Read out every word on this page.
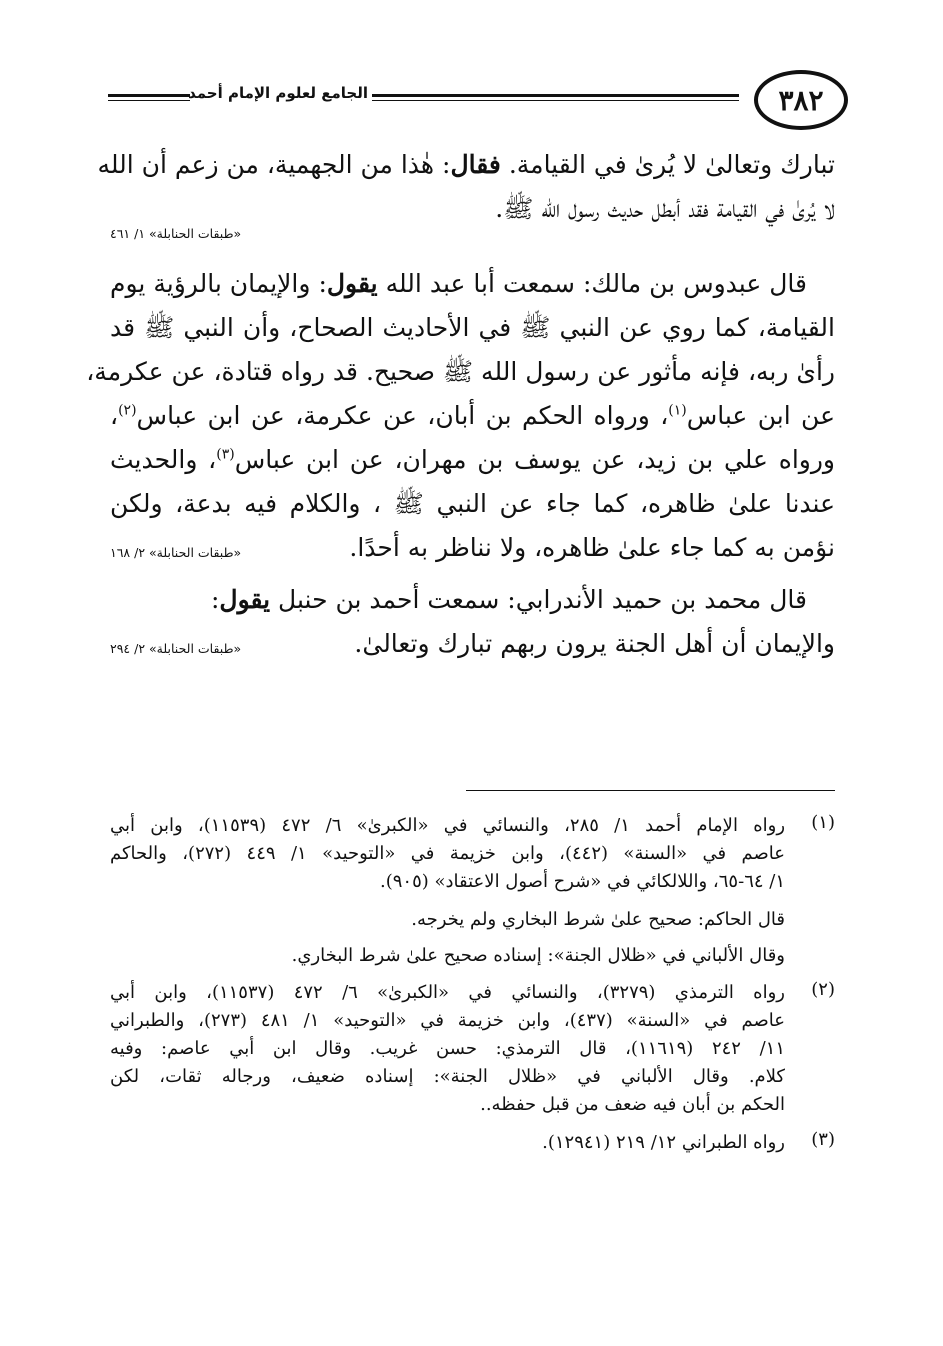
الجامع لعلوم الإمام أحمد	٣٨٢
تبارك وتعالىٰ لا يُرىٰ في القيامة. فقال: هٰذا من الجهمية، من زعم أن الله
لا يُرىٰ في القيامة فقد أبطل حديث رسول الله ﷺ.
«طبقات الحنابلة» ١/ ٤٦١
قال عبدوس بن مالك: سمعت أبا عبد الله يقول: والإيمان بالرؤية يوم
القيامة، كما روي عن النبي ﷺ في الأحاديث الصحاح، وأن النبي ﷺ قد
رأىٰ ربه، فإنه مأثور عن رسول الله ﷺ صحيح. قد رواه قتادة، عن عكرمة،
عن ابن عباس$^{(١)}$، ورواه الحكم بن أبان، عن عكرمة، عن ابن عباس$^{(٢)}$،
ورواه علي بن زيد، عن يوسف بن مهران، عن ابن عباس$^{(٣)}$، والحديث
عندنا علىٰ ظاهره، كما جاء عن النبي ﷺ ، والكلام فيه بدعة، ولكن
نؤمن به كما جاء علىٰ ظاهره، ولا نناظر به أحدًا.
«طبقات الحنابلة» ٢/ ١٦٨
قال محمد بن حميد الأندرابي: سمعت أحمد بن حنبل يقول:
والإيمان أن أهل الجنة يرون ربهم تبارك وتعالىٰ.
«طبقات الحنابلة» ٢/ ٢٩٤
(١)
رواه الإمام أحمد ١/ ٢٨٥، والنسائي في «الكبرىٰ» ٦/ ٤٧٢ (١١٥٣٩)، وابن أبي
عاصم في «السنة» (٤٤٢)، وابن خزيمة في «التوحيد» ١/ ٤٤٩ (٢٧٢)، والحاكم
١/ ٦٤-٦٥، واللالكائي في «شرح أصول الاعتقاد» (٩٠٥).
قال الحاكم: صحيح علىٰ شرط البخاري ولم يخرجه.
وقال الألباني في «ظلال الجنة»: إسناده صحيح علىٰ شرط البخاري.
(٢)
رواه الترمذي (٣٢٧٩)، والنسائي في «الكبرىٰ» ٦/ ٤٧٢ (١١٥٣٧)، وابن أبي
عاصم في «السنة» (٤٣٧)، وابن خزيمة في «التوحيد» ١/ ٤٨١ (٢٧٣)، والطبراني
١١/ ٢٤٢ (١١٦١٩)، قال الترمذي: حسن غريب. وقال ابن أبي عاصم: وفيه
كلام. وقال الألباني في «ظلال الجنة»: إسناده ضعيف، ورجاله ثقات، لكن
الحكم بن أبان فيه ضعف من قبل حفظه..
(٣)
رواه الطبراني ١٢/ ٢١٩ (١٢٩٤١).
